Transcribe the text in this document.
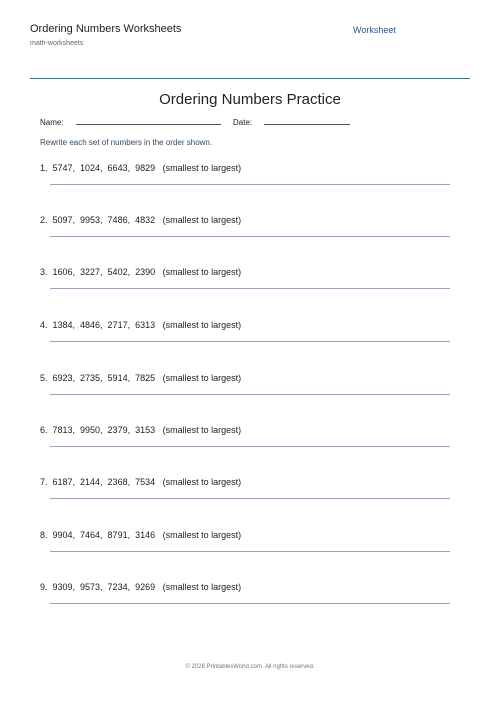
Ordering Numbers Worksheets
math-worksheets
Worksheet
Ordering Numbers Practice
Name:	Date:
Rewrite each set of numbers in the order shown.
1.  5747,  1024,  6643,  9829   (smallest to largest)
2.  5097,  9953,  7486,  4832   (smallest to largest)
3.  1606,  3227,  5402,  2390   (smallest to largest)
4.  1384,  4846,  2717,  6313   (smallest to largest)
5.  6923,  2735,  5914,  7825   (smallest to largest)
6.  7813,  9950,  2379,  3153   (smallest to largest)
7.  6187,  2144,  2368,  7534   (smallest to largest)
8.  9904,  7464,  8791,  3146   (smallest to largest)
9.  9309,  9573,  7234,  9269   (smallest to largest)
© 2026 PrintablesWorld.com. All rights reserved.
